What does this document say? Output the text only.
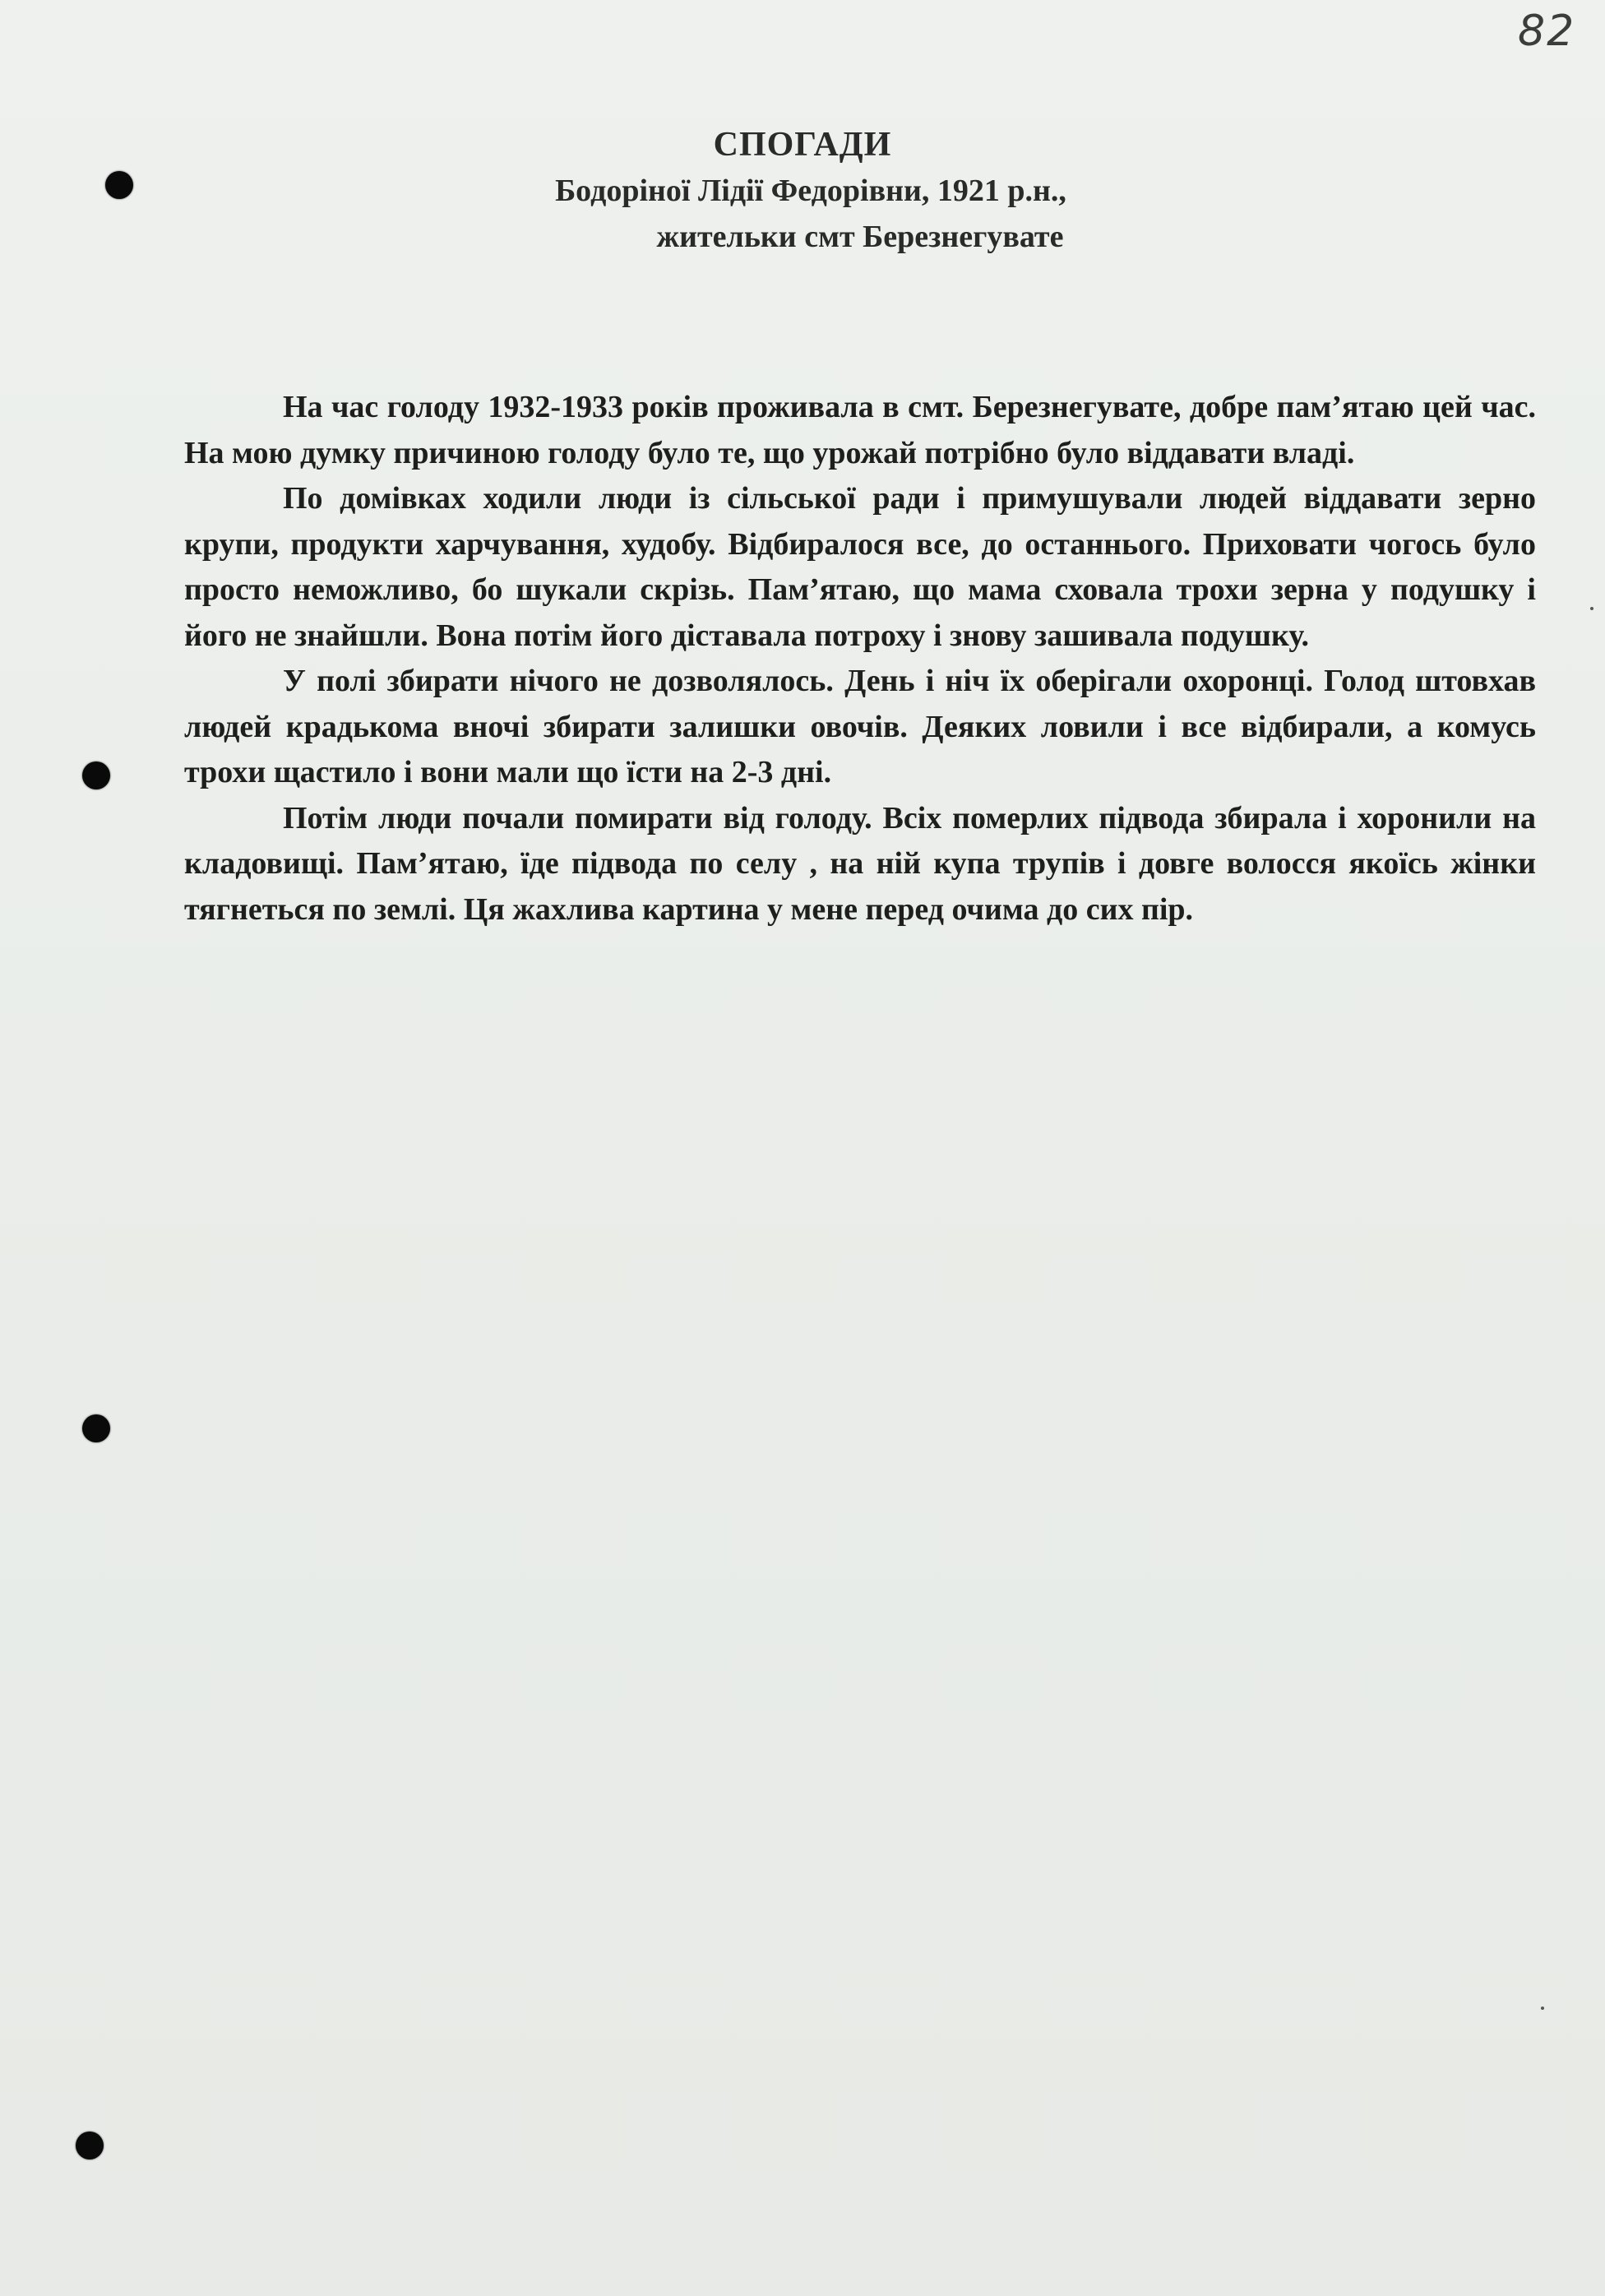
82

СПОГАДИ

Бодоріної Лідії Федорівни, 1921 р.н.,

жительки смт Березнегувате

На час голоду 1932-1933 років проживала в смт. Березнегувате, добре пам’ятаю цей час. На мою думку причиною голоду було те, що урожай потрібно було віддавати владі.

По домівках ходили люди із сільської ради і примушували людей віддавати зерно крупи, продукти харчування, худобу. Відбиралося все, до останнього. Приховати чогось було просто неможливо, бо шукали скрізь. Пам’ятаю, що мама сховала трохи зерна у подушку і його не знайшли. Вона потім його діставала потроху і знову зашивала подушку.

У полі збирати нічого не дозволялось. День і ніч їх оберігали охоронці. Голод штовхав людей крадькома вночі збирати залишки овочів. Деяких ловили і все відбирали, а комусь трохи щастило і вони мали що їсти на 2-3 дні.

Потім люди почали помирати від голоду. Всіх померлих підвода збирала і хоронили на кладовищі. Пам’ятаю, їде підвода по селу , на ній купа трупів і довге волосся якоїсь жінки тягнеться по землі. Ця жахлива картина у мене перед очима до сих пір.
